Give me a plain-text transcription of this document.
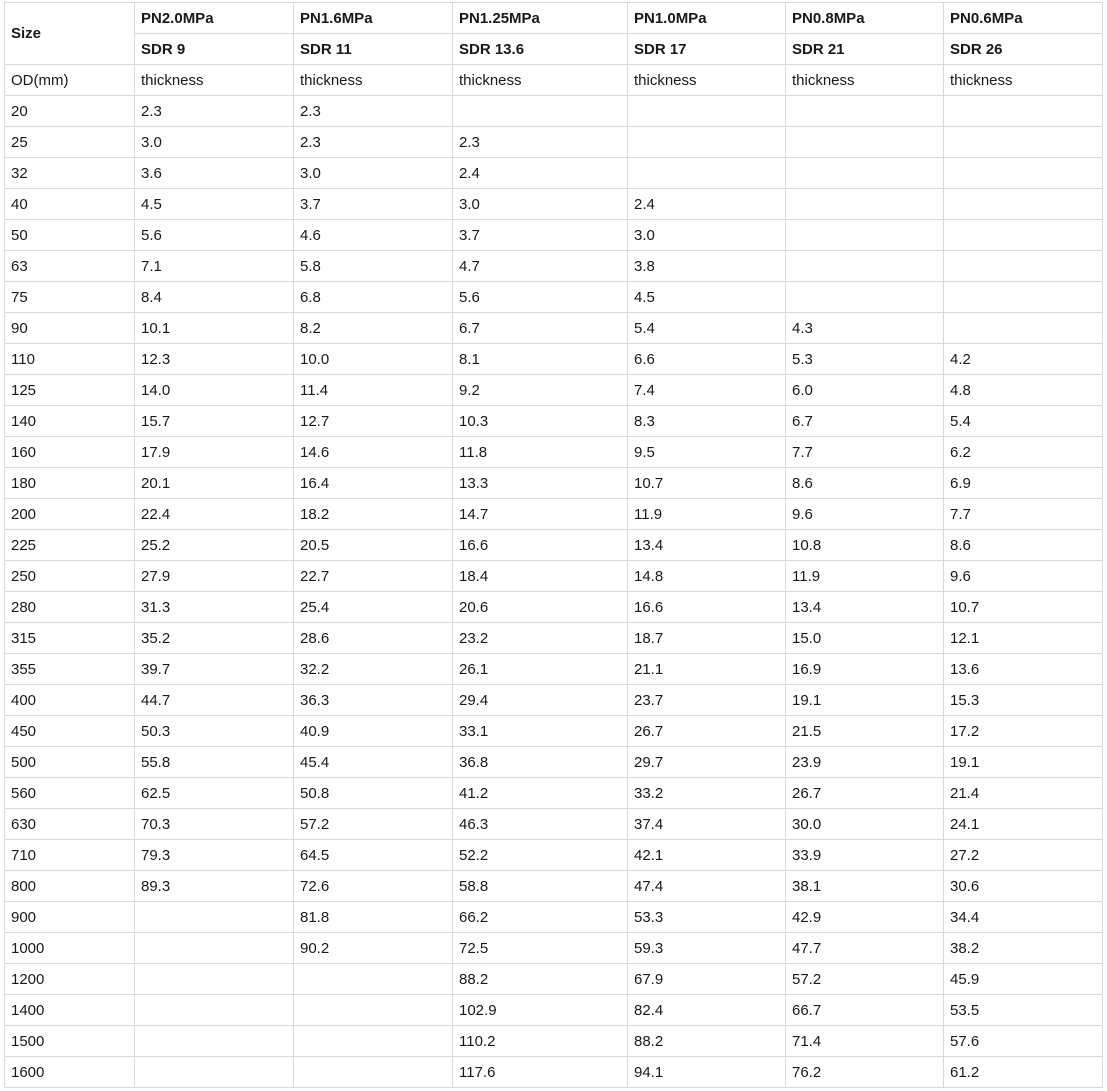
Size	PN2.0MPa	PN1.6MPa	PN1.25MPa	PN1.0MPa	PN0.8MPa	PN0.6MPa
	SDR 9	SDR 11	SDR 13.6	SDR 17	SDR 21	SDR 26
OD(mm)	thickness	thickness	thickness	thickness	thickness	thickness
20	2.3	2.3				
25	3.0	2.3	2.3			
32	3.6	3.0	2.4			
40	4.5	3.7	3.0	2.4		
50	5.6	4.6	3.7	3.0		
63	7.1	5.8	4.7	3.8		
75	8.4	6.8	5.6	4.5		
90	10.1	8.2	6.7	5.4	4.3	
110	12.3	10.0	8.1	6.6	5.3	4.2
125	14.0	11.4	9.2	7.4	6.0	4.8
140	15.7	12.7	10.3	8.3	6.7	5.4
160	17.9	14.6	11.8	9.5	7.7	6.2
180	20.1	16.4	13.3	10.7	8.6	6.9
200	22.4	18.2	14.7	11.9	9.6	7.7
225	25.2	20.5	16.6	13.4	10.8	8.6
250	27.9	22.7	18.4	14.8	11.9	9.6
280	31.3	25.4	20.6	16.6	13.4	10.7
315	35.2	28.6	23.2	18.7	15.0	12.1
355	39.7	32.2	26.1	21.1	16.9	13.6
400	44.7	36.3	29.4	23.7	19.1	15.3
450	50.3	40.9	33.1	26.7	21.5	17.2
500	55.8	45.4	36.8	29.7	23.9	19.1
560	62.5	50.8	41.2	33.2	26.7	21.4
630	70.3	57.2	46.3	37.4	30.0	24.1
710	79.3	64.5	52.2	42.1	33.9	27.2
800	89.3	72.6	58.8	47.4	38.1	30.6
900		81.8	66.2	53.3	42.9	34.4
1000		90.2	72.5	59.3	47.7	38.2
1200			88.2	67.9	57.2	45.9
1400			102.9	82.4	66.7	53.5
1500			110.2	88.2	71.4	57.6
1600			117.6	94.1	76.2	61.2
